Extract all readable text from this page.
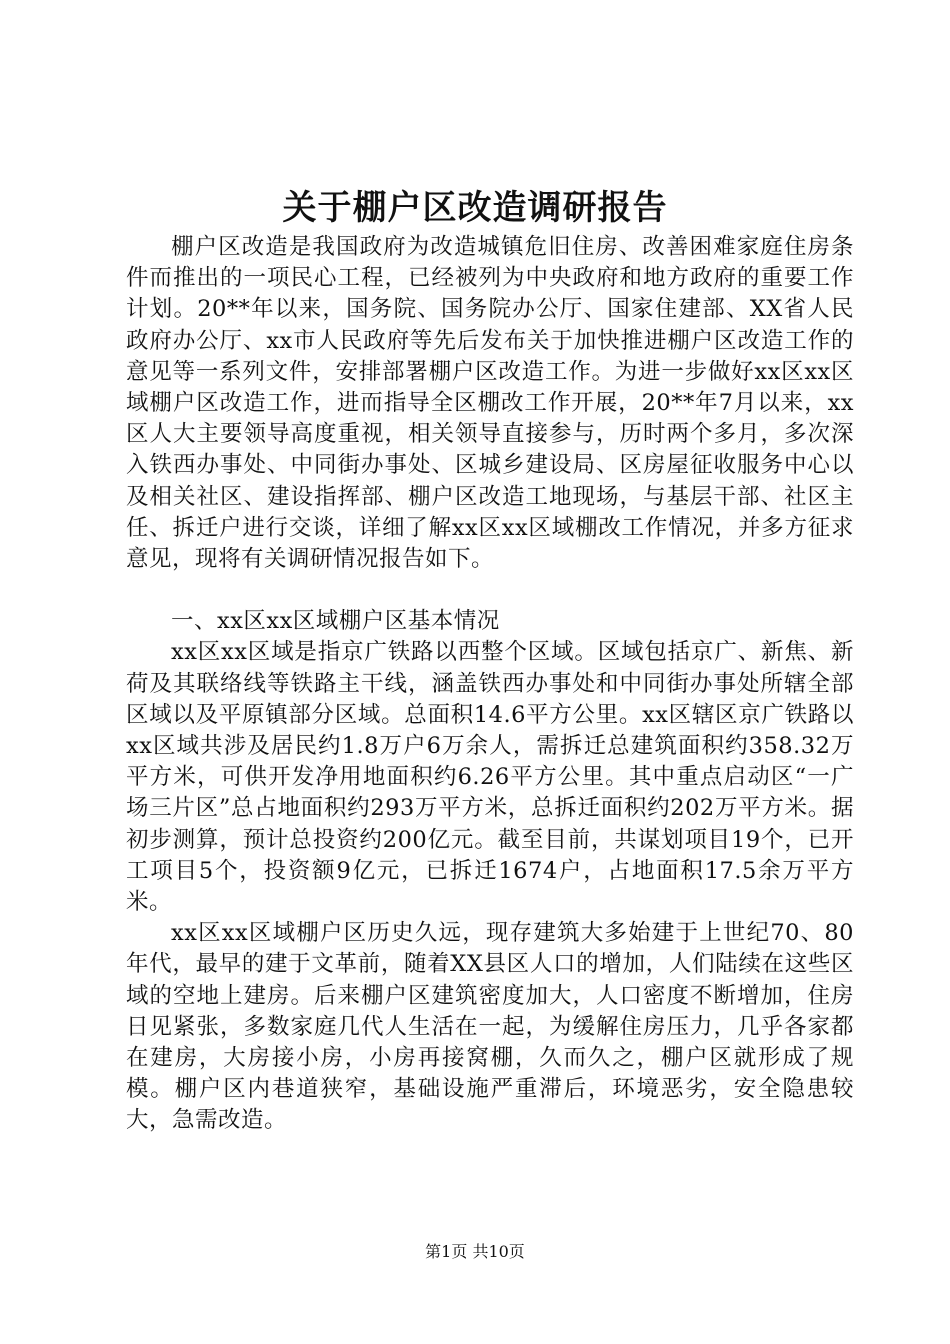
关于棚户区改造调研报告

棚户区改造是我国政府为改造城镇危旧住房、改善困难家庭住房条件而推出的一项民心工程，已经被列为中央政府和地方政府的重要工作计划。20**年以来，国务院、国务院办公厅、国家住建部、XX省人民政府办公厅、xx市人民政府等先后发布关于加快推进棚户区改造工作的意见等一系列文件，安排部署棚户区改造工作。为进一步做好xx区xx区域棚户区改造工作，进而指导全区棚改工作开展，20**年7月以来，xx区人大主要领导高度重视，相关领导直接参与，历时两个多月，多次深入铁西办事处、中同街办事处、区城乡建设局、区房屋征收服务中心以及相关社区、建设指挥部、棚户区改造工地现场，与基层干部、社区主任、拆迁户进行交谈，详细了解xx区xx区域棚改工作情况，并多方征求意见，现将有关调研情况报告如下。

一、xx区xx区域棚户区基本情况

xx区xx区域是指京广铁路以西整个区域。区域包括京广、新焦、新荷及其联络线等铁路主干线，涵盖铁西办事处和中同街办事处所辖全部区域以及平原镇部分区域。总面积14.6平方公里。xx区辖区京广铁路以xx区域共涉及居民约1.8万户6万余人，需拆迁总建筑面积约358.32万平方米，可供开发净用地面积约6.26平方公里。其中重点启动区“一广场三片区”总占地面积约293万平方米，总拆迁面积约202万平方米。据初步测算，预计总投资约200亿元。截至目前，共谋划项目19个，已开工项目5个，投资额9亿元，已拆迁1674户，占地面积17.5余万平方米。

xx区xx区域棚户区历史久远，现存建筑大多始建于上世纪70、80年代，最早的建于文革前，随着XX县区人口的增加，人们陆续在这些区域的空地上建房。后来棚户区建筑密度加大，人口密度不断增加，住房日见紧张，多数家庭几代人生活在一起，为缓解住房压力，几乎各家都在建房，大房接小房，小房再接窝棚，久而久之，棚户区就形成了规模。棚户区内巷道狭窄，基础设施严重滞后，环境恶劣，安全隐患较大，急需改造。

第1页 共10页
